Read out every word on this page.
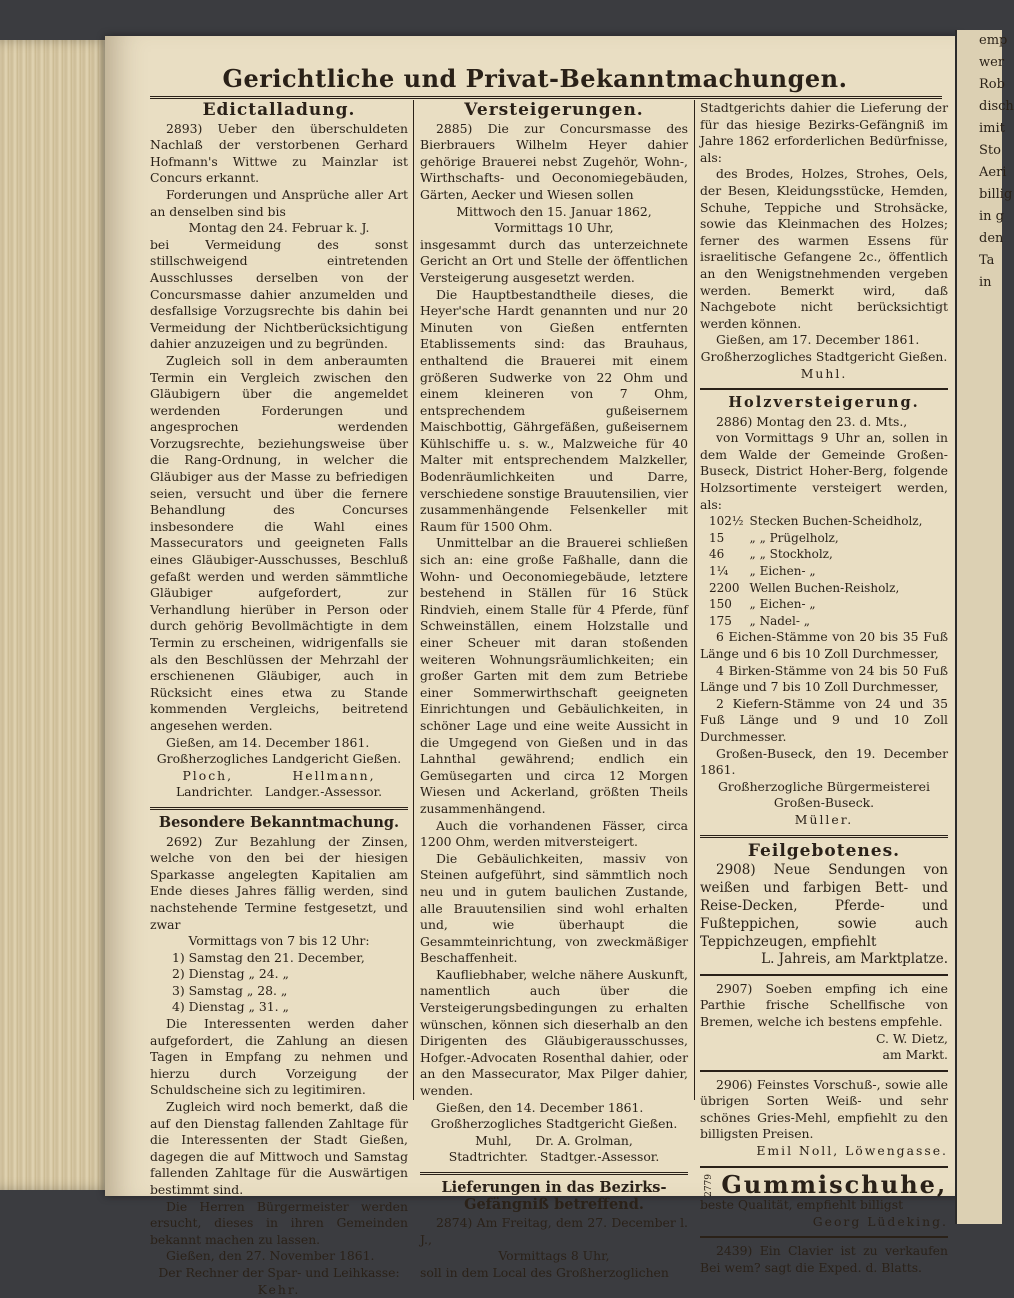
emp
wer
Rob
disch
imit
Sto
Aeri
billig
in g
den
Ta
in
Gerichtliche und Privat-Bekanntmachungen.
Edictalladung.

2893) Ueber den überschuldeten Nachlaß der verstorbenen Gerhard Hofmann's Wittwe zu Mainzlar ist Concurs erkannt.

Forderungen und Ansprüche aller Art an denselben sind bis

Montag den 24. Februar k. J.

bei Vermeidung des sonst stillschweigend eintretenden Ausschlusses derselben von der Concursmasse dahier anzumelden und desfallsige Vorzugsrechte bis dahin bei Vermeidung der Nichtberücksichtigung dahier anzuzeigen und zu begründen.

Zugleich soll in dem anberaumten Termin ein Vergleich zwischen den Gläubigern über die angemeldet werdenden Forderungen und angesprochen werdenden Vorzugsrechte, beziehungsweise über die Rang-Ordnung, in welcher die Gläubiger aus der Masse zu befriedigen seien, versucht und über die fernere Behandlung des Concurses insbesondere die Wahl eines Massecurators und geeigneten Falls eines Gläubiger-Ausschusses, Beschluß gefaßt werden und werden sämmtliche Gläubiger aufgefordert, zur Verhandlung hierüber in Person oder durch gehörig Bevollmächtigte in dem Termin zu erscheinen, widrigenfalls sie als den Beschlüssen der Mehrzahl der erschienenen Gläubiger, auch in Rücksicht eines etwa zu Stande kommenden Vergleichs, beitretend angesehen werden.

Gießen, am 14. December 1861.

Großherzogliches Landgericht Gießen.

Ploch,          Hellmann,

Landrichter.   Landger.-Assessor.

Besondere Bekanntmachung.

2692) Zur Bezahlung der Zinsen, welche von den bei der hiesigen Sparkasse angelegten Kapitalien am Ende dieses Jahres fällig werden, sind nachstehende Termine festgesetzt, und zwar

Vormittags von 7 bis 12 Uhr:

1) Samstag den 21. December,
2) Dienstag „ 24. „
3) Samstag „ 28. „
4) Dienstag „ 31. „

Die Interessenten werden daher aufgefordert, die Zahlung an diesen Tagen in Empfang zu nehmen und hierzu durch Vorzeigung der Schuldscheine sich zu legitimiren.

Zugleich wird noch bemerkt, daß die auf den Dienstag fallenden Zahltage für die Interessenten der Stadt Gießen, dagegen die auf Mittwoch und Samstag fallenden Zahltage für die Auswärtigen bestimmt sind.

Die Herren Bürgermeister werden ersucht, dieses in ihren Gemeinden bekannt machen zu lassen.

Gießen, den 27. November 1861.

Der Rechner der Spar- und Leihkasse:

Kehr.

Versteigerungen.

2885) Die zur Concursmasse des Bierbrauers Wilhelm Heyer dahier gehörige Brauerei nebst Zugehör, Wohn-, Wirthschafts- und Oeconomiegebäuden, Gärten, Aecker und Wiesen sollen

Mittwoch den 15. Januar 1862,

Vormittags 10 Uhr,

insgesammt durch das unterzeichnete Gericht an Ort und Stelle der öffentlichen Versteigerung ausgesetzt werden.

Die Hauptbestandtheile dieses, die Heyer'sche Hardt genannten und nur 20 Minuten von Gießen entfernten Etablissements sind: das Brauhaus, enthaltend die Brauerei mit einem größeren Sudwerke von 22 Ohm und einem kleineren von 7 Ohm, entsprechendem gußeisernem Maischbottig, Gährgefäßen, gußeisernem Kühlschiffe u. s. w., Malzweiche für 40 Malter mit entsprechendem Malzkeller, Bodenräumlichkeiten und Darre, verschiedene sonstige Brauutensilien, vier zusammenhängende Felsenkeller mit Raum für 1500 Ohm.

Unmittelbar an die Brauerei schließen sich an: eine große Faßhalle, dann die Wohn- und Oeconomiegebäude, letztere bestehend in Ställen für 16 Stück Rindvieh, einem Stalle für 4 Pferde, fünf Schweinställen, einem Holzstalle und einer Scheuer mit daran stoßenden weiteren Wohnungsräumlichkeiten; ein großer Garten mit dem zum Betriebe einer Sommerwirthschaft geeigneten Einrichtungen und Gebäulichkeiten, in schöner Lage und eine weite Aussicht in die Umgegend von Gießen und in das Lahnthal gewährend; endlich ein Gemüsegarten und circa 12 Morgen Wiesen und Ackerland, größten Theils zusammenhängend.

Auch die vorhandenen Fässer, circa 1200 Ohm, werden mitversteigert.

Die Gebäulichkeiten, massiv von Steinen aufgeführt, sind sämmtlich noch neu und in gutem baulichen Zustande, alle Brauutensilien sind wohl erhalten und, wie überhaupt die Gesammteinrichtung, von zweckmäßiger Beschaffenheit.

Kaufliebhaber, welche nähere Auskunft, namentlich auch über die Versteigerungsbedingungen zu erhalten wünschen, können sich dieserhalb an den Dirigenten des Gläubigerausschusses, Hofger.-Advocaten Rosenthal dahier, oder an den Massecurator, Max Pilger dahier, wenden.

Gießen, den 14. December 1861.

Großherzogliches Stadtgericht Gießen.

Muhl,      Dr. A. Grolman,

Stadtrichter.   Stadtger.-Assessor.

Lieferungen in das Bezirks-Gefängniß betreffend.

2874) Am Freitag, dem 27. December l. J.,

Vormittags 8 Uhr,

soll in dem Local des Großherzoglichen

Stadtgerichts dahier die Lieferung der für das hiesige Bezirks-Gefängniß im Jahre 1862 erforderlichen Bedürfnisse, als:

des Brodes, Holzes, Strohes, Oels, der Besen, Kleidungsstücke, Hemden, Schuhe, Teppiche und Strohsäcke, sowie das Kleinmachen des Holzes; ferner des warmen Essens für israelitische Gefangene 2c., öffentlich an den Wenigstnehmenden vergeben werden. Bemerkt wird, daß Nachgebote nicht berücksichtigt werden können.

Gießen, am 17. December 1861.

Großherzogliches Stadtgericht Gießen.

Muhl.

Holzversteigerung.

2886) Montag den 23. d. Mts.,

von Vormittags 9 Uhr an, sollen in dem Walde der Gemeinde Großen-Buseck, District Hoher-Berg, folgende Holzsortimente versteigert werden, als:

102½	Stecken Buchen-Scheidholz,
15	„ „ Prügelholz,
46	„ „ Stockholz,
1¼	„ Eichen- „
2200	Wellen Buchen-Reisholz,
150	„ Eichen- „
175	„ Nadel- „

6 Eichen-Stämme von 20 bis 35 Fuß Länge und 6 bis 10 Zoll Durchmesser,

4 Birken-Stämme von 24 bis 50 Fuß Länge und 7 bis 10 Zoll Durchmesser,

2 Kiefern-Stämme von 24 und 35 Fuß Länge und 9 und 10 Zoll Durchmesser.

Großen-Buseck, den 19. December 1861.

Großherzogliche Bürgermeisterei Großen-Buseck.

Müller.

Feilgebotenes.

2908) Neue Sendungen von weißen und farbigen Bett- und Reise-Decken, Pferde- und Fußteppichen, sowie auch Teppichzeugen, empfiehlt

L. Jahreis, am Marktplatze.

2907) Soeben empfing ich eine Parthie frische Schellfische von Bremen, welche ich bestens empfehle.

C. W. Dietz,

am Markt.

2906) Feinstes Vorschuß-, sowie alle übrigen Sorten Weiß- und sehr schönes Gries-Mehl, empfiehlt zu den billigsten Preisen.

Emil Noll, Löwengasse.

2779 Gummischuhe,

beste Qualität, empfiehlt billigst

Georg Lüdeking.

2439) Ein Clavier ist zu verkaufen Bei wem? sagt die Exped. d. Blatts.
